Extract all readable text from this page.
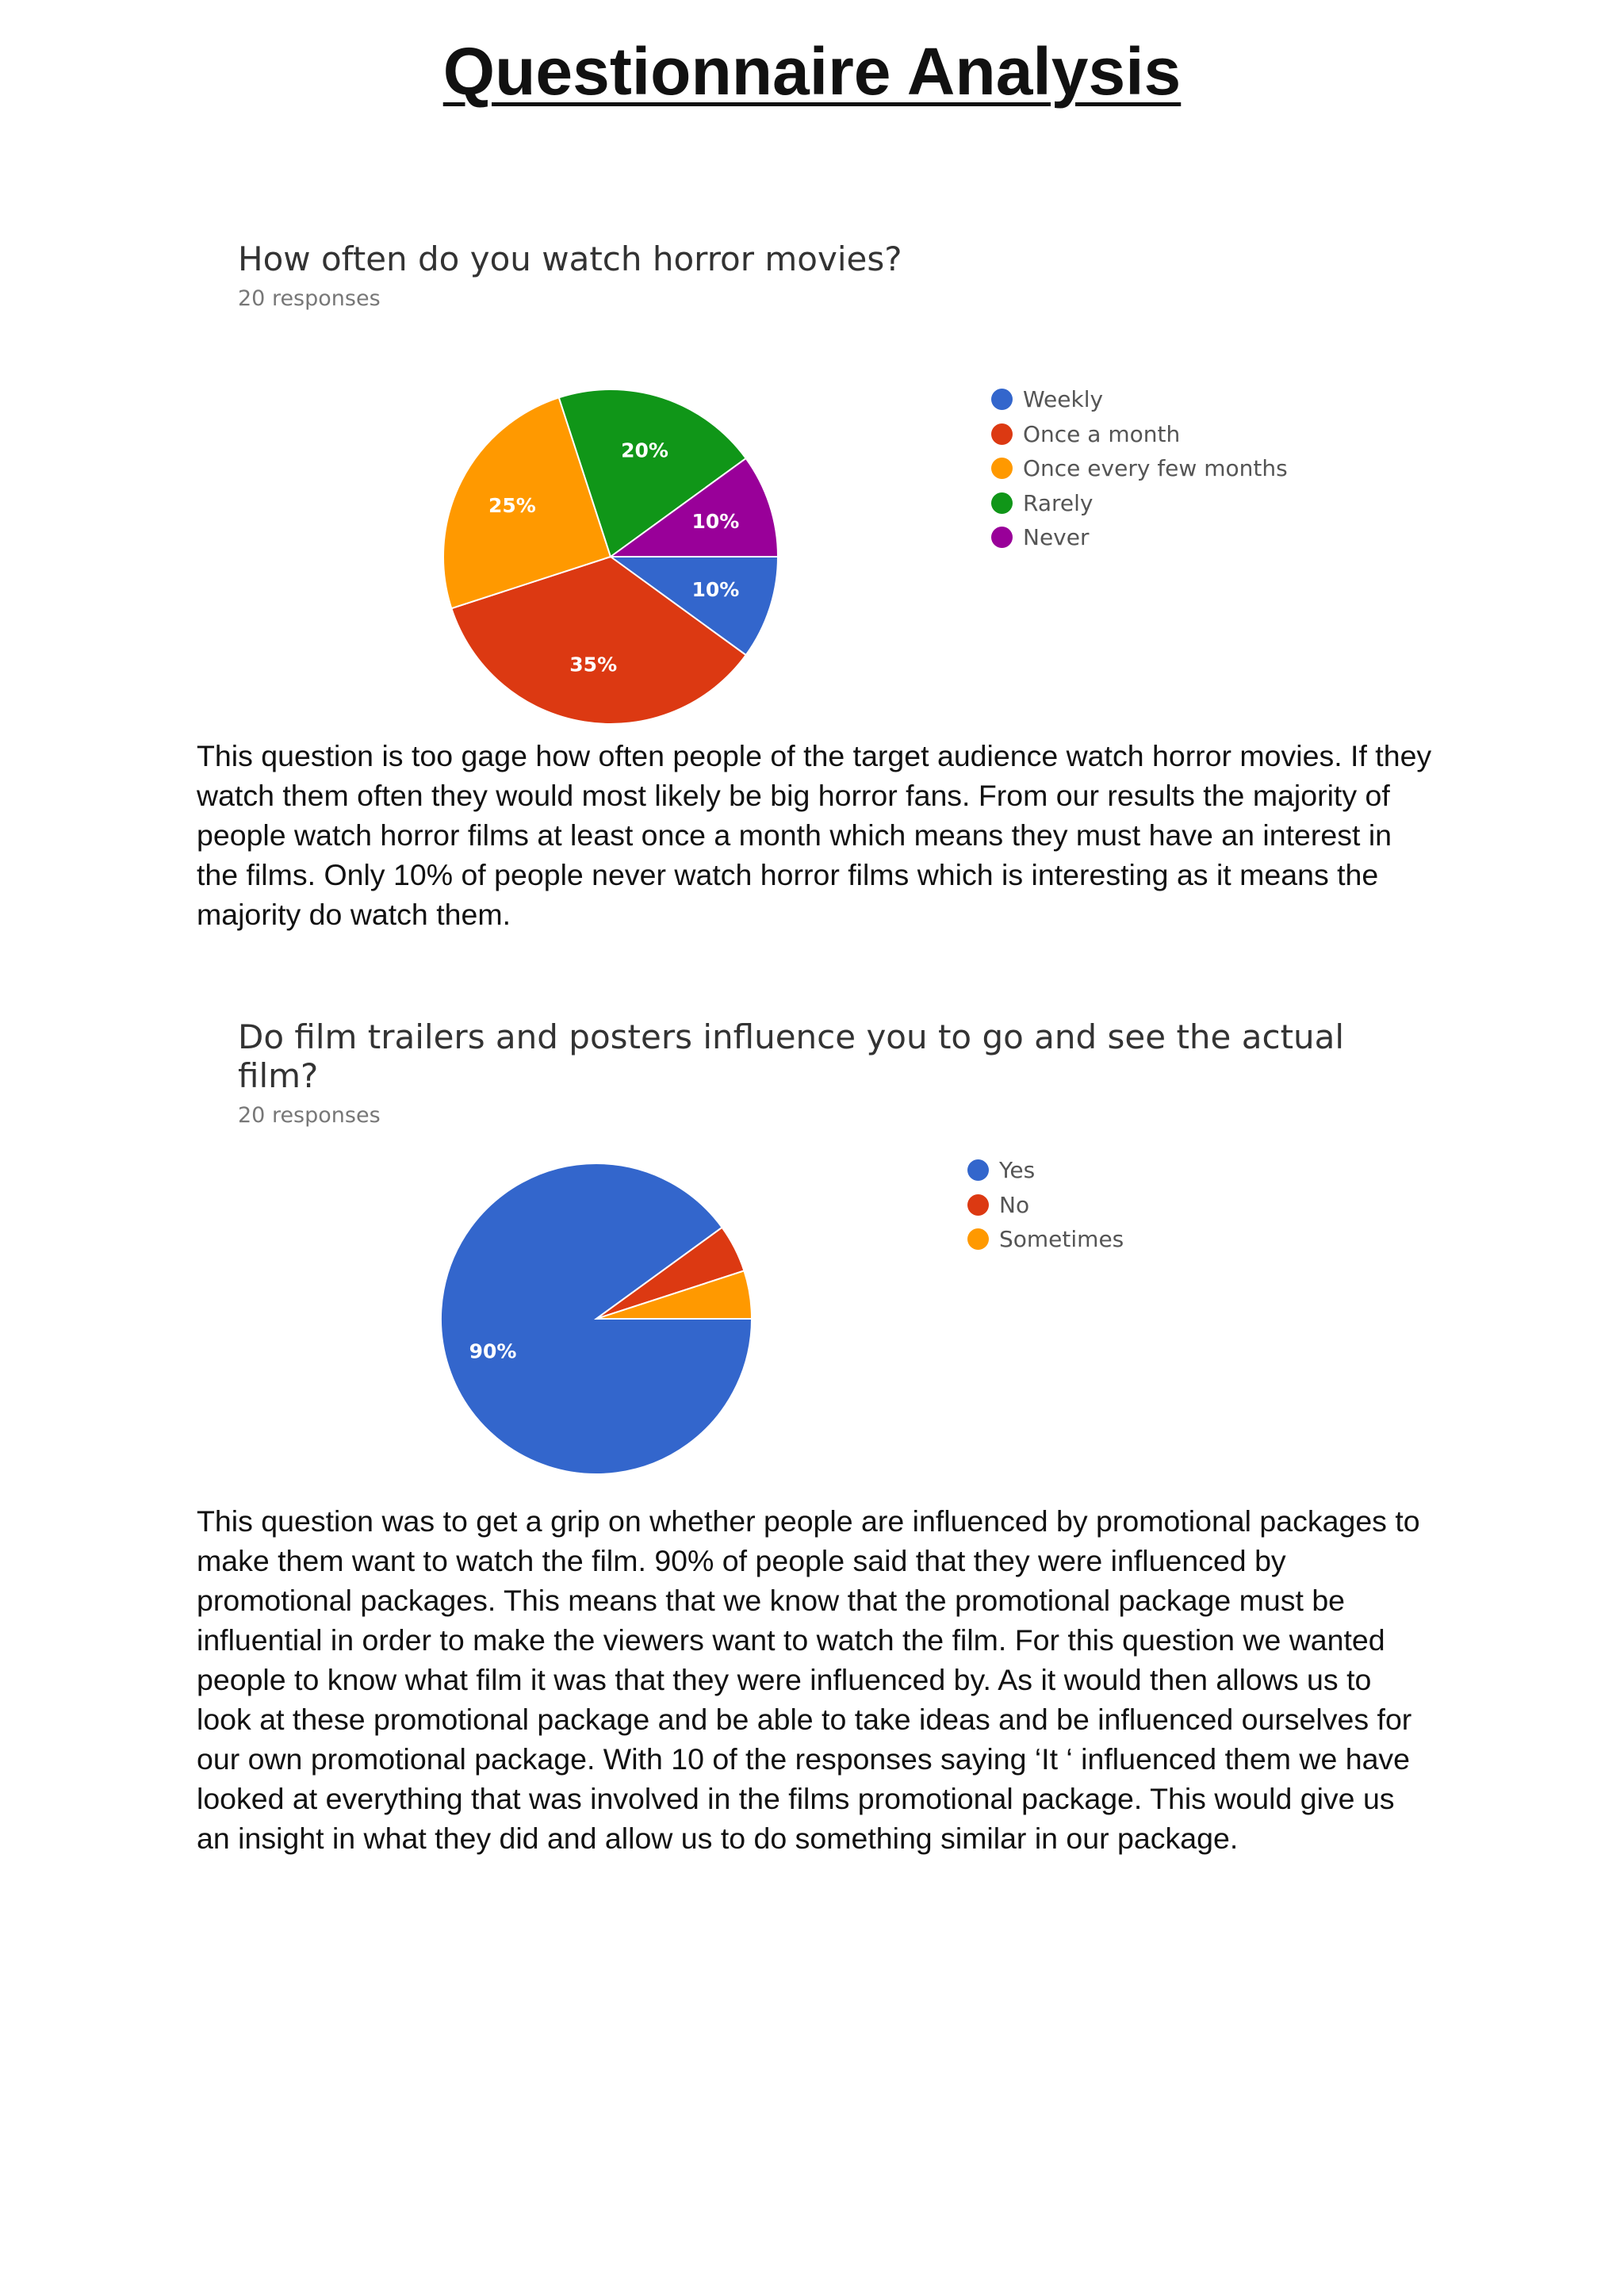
Questionnaire Analysis

How often do you watch horror movies?

20 responses

10%
35%
25%
20%
10%
Weekly
Once a month
Once every few months
Rarely
Never

This question is too gage how often people of the target audience watch horror movies. If they watch them often they would most likely be big horror fans. From our results the majority of people watch horror films at least once a month which means they must have an interest in the films. Only 10% of people never watch horror films which is interesting as it means the majority do watch them.

Do film trailers and posters influence you to go and see the actual film?

20 responses

90%
Yes
No
Sometimes

This question was to get a grip on whether people are influenced by promotional packages to make them want to watch the film. 90% of people said that they were influenced by promotional packages. This means that we know that the promotional package must be influential in order to make the viewers want to watch the film. For this question we wanted people to know what film it was that they were influenced by. As it would then allows us to look at these promotional package and be able to take ideas and be influenced ourselves for our own promotional package. With 10 of the responses saying ‘It ‘ influenced them we have looked at everything that was involved in the films promotional package. This would give us an insight in what they did and allow us to do something similar in our package.
